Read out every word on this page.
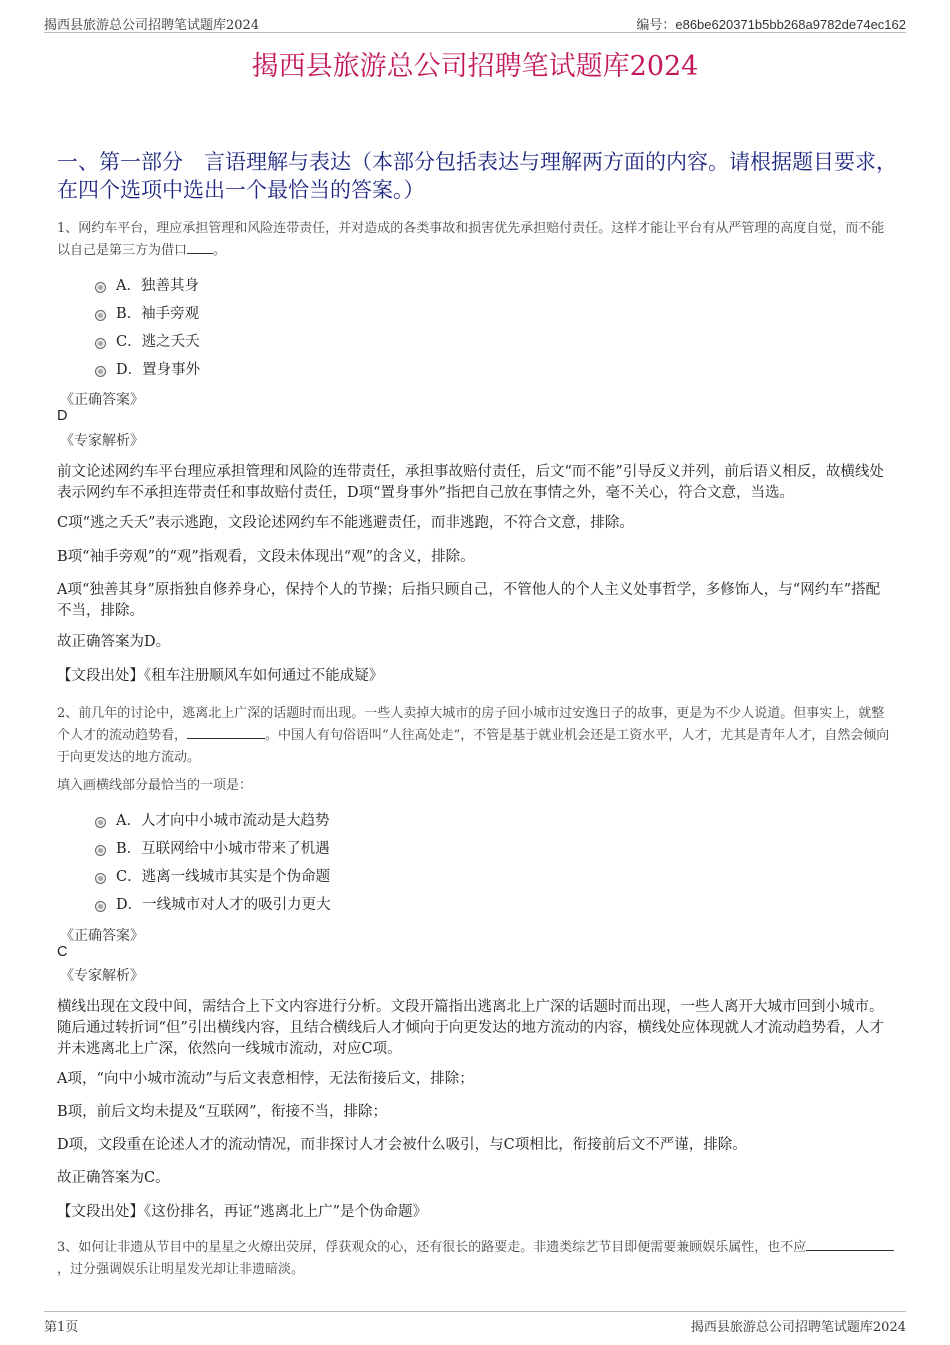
揭西县旅游总公司招聘笔试题库2024	编号：e86be620371b5bb268a9782de74ec162
揭西县旅游总公司招聘笔试题库2024
一、第一部分　言语理解与表达（本部分包括表达与理解两方面的内容。请根据题目要求，在四个选项中选出一个最恰当的答案。）
1、网约车平台，理应承担管理和风险连带责任，并对造成的各类事故和损害优先承担赔付责任。这样才能让平台有从严管理的高度自觉，而不能以自己是第三方为借口 。
A．独善其身
B．袖手旁观
C．逃之夭夭
D．置身事外
《正确答案》
D
《专家解析》
前文论述网约车平台理应承担管理和风险的连带责任，承担事故赔付责任，后文“而不能”引导反义并列，前后语义相反，故横线处表示网约车不承担连带责任和事故赔付责任，D项“置身事外”指把自己放在事情之外，毫不关心，符合文意，当选。
C项“逃之夭夭”表示逃跑，文段论述网约车不能逃避责任，而非逃跑，不符合文意，排除。
B项“袖手旁观”的“观”指观看，文段未体现出“观”的含义，排除。
A项“独善其身”原指独自修养身心，保持个人的节操；后指只顾自己，不管他人的个人主义处事哲学，多修饰人，与“网约车”搭配不当，排除。
故正确答案为D。
【文段出处】《租车注册顺风车如何通过不能成疑》
2、前几年的讨论中，逃离北上广深的话题时而出现。一些人卖掉大城市的房子回小城市过安逸日子的故事，更是为不少人说道。但事实上，就整个人才的流动趋势看，	。中国人有句俗语叫“人往高处走”，不管是基于就业机会还是工资水平，人才，尤其是青年人才，自然会倾向于向更发达的地方流动。
填入画横线部分最恰当的一项是：
A．人才向中小城市流动是大趋势
B．互联网给中小城市带来了机遇
C．逃离一线城市其实是个伪命题
D．一线城市对人才的吸引力更大
《正确答案》
C
《专家解析》
横线出现在文段中间，需结合上下文内容进行分析。文段开篇指出逃离北上广深的话题时而出现，一些人离开大城市回到小城市。随后通过转折词“但”引出横线内容，且结合横线后人才倾向于向更发达的地方流动的内容，横线处应体现就人才流动趋势看，人才并未逃离北上广深，依然向一线城市流动，对应C项。
A项，“向中小城市流动”与后文表意相悖，无法衔接后文，排除；
B项，前后文均未提及“互联网”，衔接不当，排除；
D项，文段重在论述人才的流动情况，而非探讨人才会被什么吸引，与C项相比，衔接前后文不严谨，排除。
故正确答案为C。
【文段出处】《这份排名，再证“逃离北上广”是个伪命题》
3、如何让非遗从节目中的星星之火燎出荧屏，俘获观众的心，还有很长的路要走。非遗类综艺节目即便需要兼顾娱乐属性，也不应，过分强调娱乐让明星发光却让非遗暗淡。
第1页	揭西县旅游总公司招聘笔试题库2024
